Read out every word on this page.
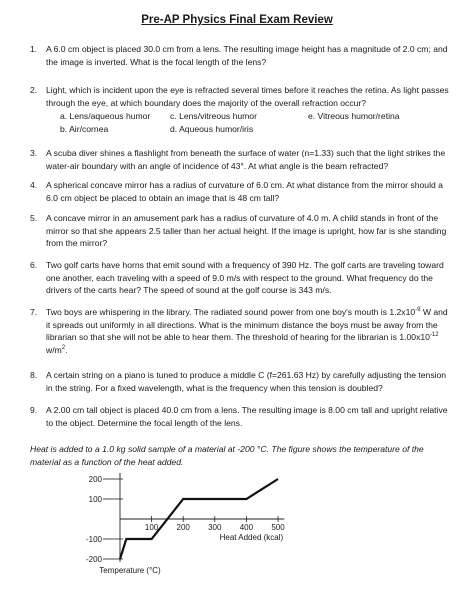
Pre-AP Physics Final Exam Review
1. A 6.0 cm object is placed 30.0 cm from a lens. The resulting image height has a magnitude of 2.0 cm; and the image is inverted. What is the focal length of the lens?
2. Light, which is incident upon the eye is refracted several times before it reaches the retina. As light passes through the eye, at which boundary does the majority of the overall refraction occur?
a. Lens/aqueous humor
b. Air/cornea
c. Lens/vitreous humor
d. Aqueous humor/iris
e. Vitreous humor/retina
3. A scuba diver shines a flashlight from beneath the surface of water (n=1.33) such that the light strikes the water-air boundary with an angle of incidence of 43°. At what angle is the beam refracted?
4. A spherical concave mirror has a radius of curvature of 6.0 cm. At what distance from the mirror should a 6.0 cm object be placed to obtain an image that is 48 cm tall?
5. A concave mirror in an amusement park has a radius of curvature of 4.0 m. A child stands in front of the mirror so that she appears 2.5 taller than her actual height. If the image is upright, how far is she standing from the mirror?
6. Two golf carts have horns that emit sound with a frequency of 390 Hz. The golf carts are traveling toward one another, each traveling with a speed of 9.0 m/s with respect to the ground. What frequency do the drivers of the carts hear? The speed of sound at the golf course is 343 m/s.
7. Two boys are whispering in the library. The radiated sound power from one boy's mouth is $1.2x10^{-9}$ W and it spreads out uniformly in all directions. What is the minimum distance the boys must be away from the librarian so that she will not be able to hear them. The threshold of hearing for the librarian is $1.00x10^{-12}$ $w/m^2$.
8. A certain string on a piano is tuned to produce a middle C (f=261.63 Hz) by carefully adjusting the tension in the string. For a fixed wavelength, what is the frequency when this tension is doubled?
9. A 2.00 cm tall object is placed 40.0 cm from a lens. The resulting image is 8.00 cm tall and upright relative to the object. Determine the focal length of the lens.
Heat is added to a 1.0 kg solid sample of a material at -200 °C. The figure shows the temperature of the material as a function of the heat added.
100 200 300 400 500
200
100
-100
-200
Heat Added (kcal)
Temperature (°C)
